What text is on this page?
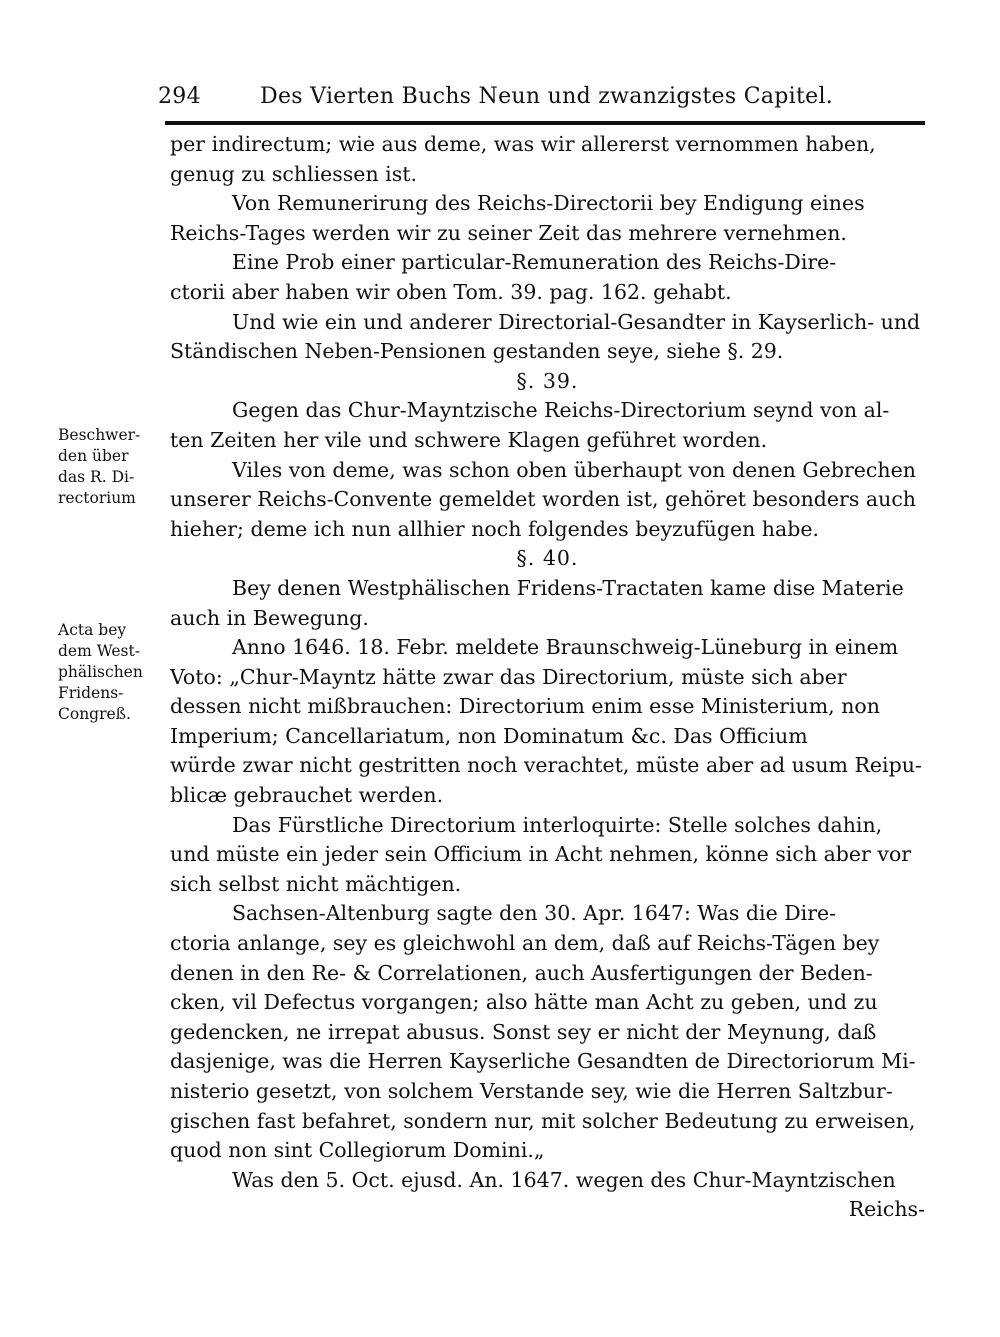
294	Des Vierten Buchs Neun und zwanzigstes Capitel.
Beschwer-
den über
das R. Di-
rectorium
Acta bey
dem West-
phälischen
Fridens-
Congreß.
per indirectum; wie aus deme, was wir allererst vernommen haben,
genug zu schliessen ist.
Von Remunerirung des Reichs-Directorii bey Endigung eines
Reichs-Tages werden wir zu seiner Zeit das mehrere vernehmen.
Eine Prob einer particular-Remuneration des Reichs-Dire-
ctorii aber haben wir oben Tom. 39. pag. 162. gehabt.
Und wie ein und anderer Directorial-Gesandter in Kayserlich- und
Ständischen Neben-Pensionen gestanden seye, siehe §. 29.
§. 39.
Gegen das Chur-Mayntzische Reichs-Directorium seynd von al-
ten Zeiten her vile und schwere Klagen geführet worden.
Viles von deme, was schon oben überhaupt von denen Gebrechen
unserer Reichs-Convente gemeldet worden ist, gehöret besonders auch
hieher; deme ich nun allhier noch folgendes beyzufügen habe.
§. 40.
Bey denen Westphälischen Fridens-Tractaten kame dise Materie
auch in Bewegung.
Anno 1646. 18. Febr. meldete Braunschweig-Lüneburg in einem
Voto: „Chur-Mayntz hätte zwar das Directorium, müste sich aber
dessen nicht mißbrauchen: Directorium enim esse Ministerium, non
Imperium; Cancellariatum, non Dominatum &c. Das Officium
würde zwar nicht gestritten noch verachtet, müste aber ad usum Reipu-
blicæ gebrauchet werden.
Das Fürstliche Directorium interloquirte: Stelle solches dahin,
und müste ein jeder sein Officium in Acht nehmen, könne sich aber vor
sich selbst nicht mächtigen.
Sachsen-Altenburg sagte den 30. Apr. 1647: Was die Dire-
ctoria anlange, sey es gleichwohl an dem, daß auf Reichs-Tägen bey
denen in den Re- & Correlationen, auch Ausfertigungen der Beden-
cken, vil Defectus vorgangen; also hätte man Acht zu geben, und zu
gedencken, ne irrepat abusus. Sonst sey er nicht der Meynung, daß
dasjenige, was die Herren Kayserliche Gesandten de Directoriorum Mi-
nisterio gesetzt, von solchem Verstande sey, wie die Herren Saltzbur-
gischen fast befahret, sondern nur, mit solcher Bedeutung zu erweisen,
quod non sint Collegiorum Domini.„
Was den 5. Oct. ejusd. An. 1647. wegen des Chur-Mayntzischen
Reichs-
